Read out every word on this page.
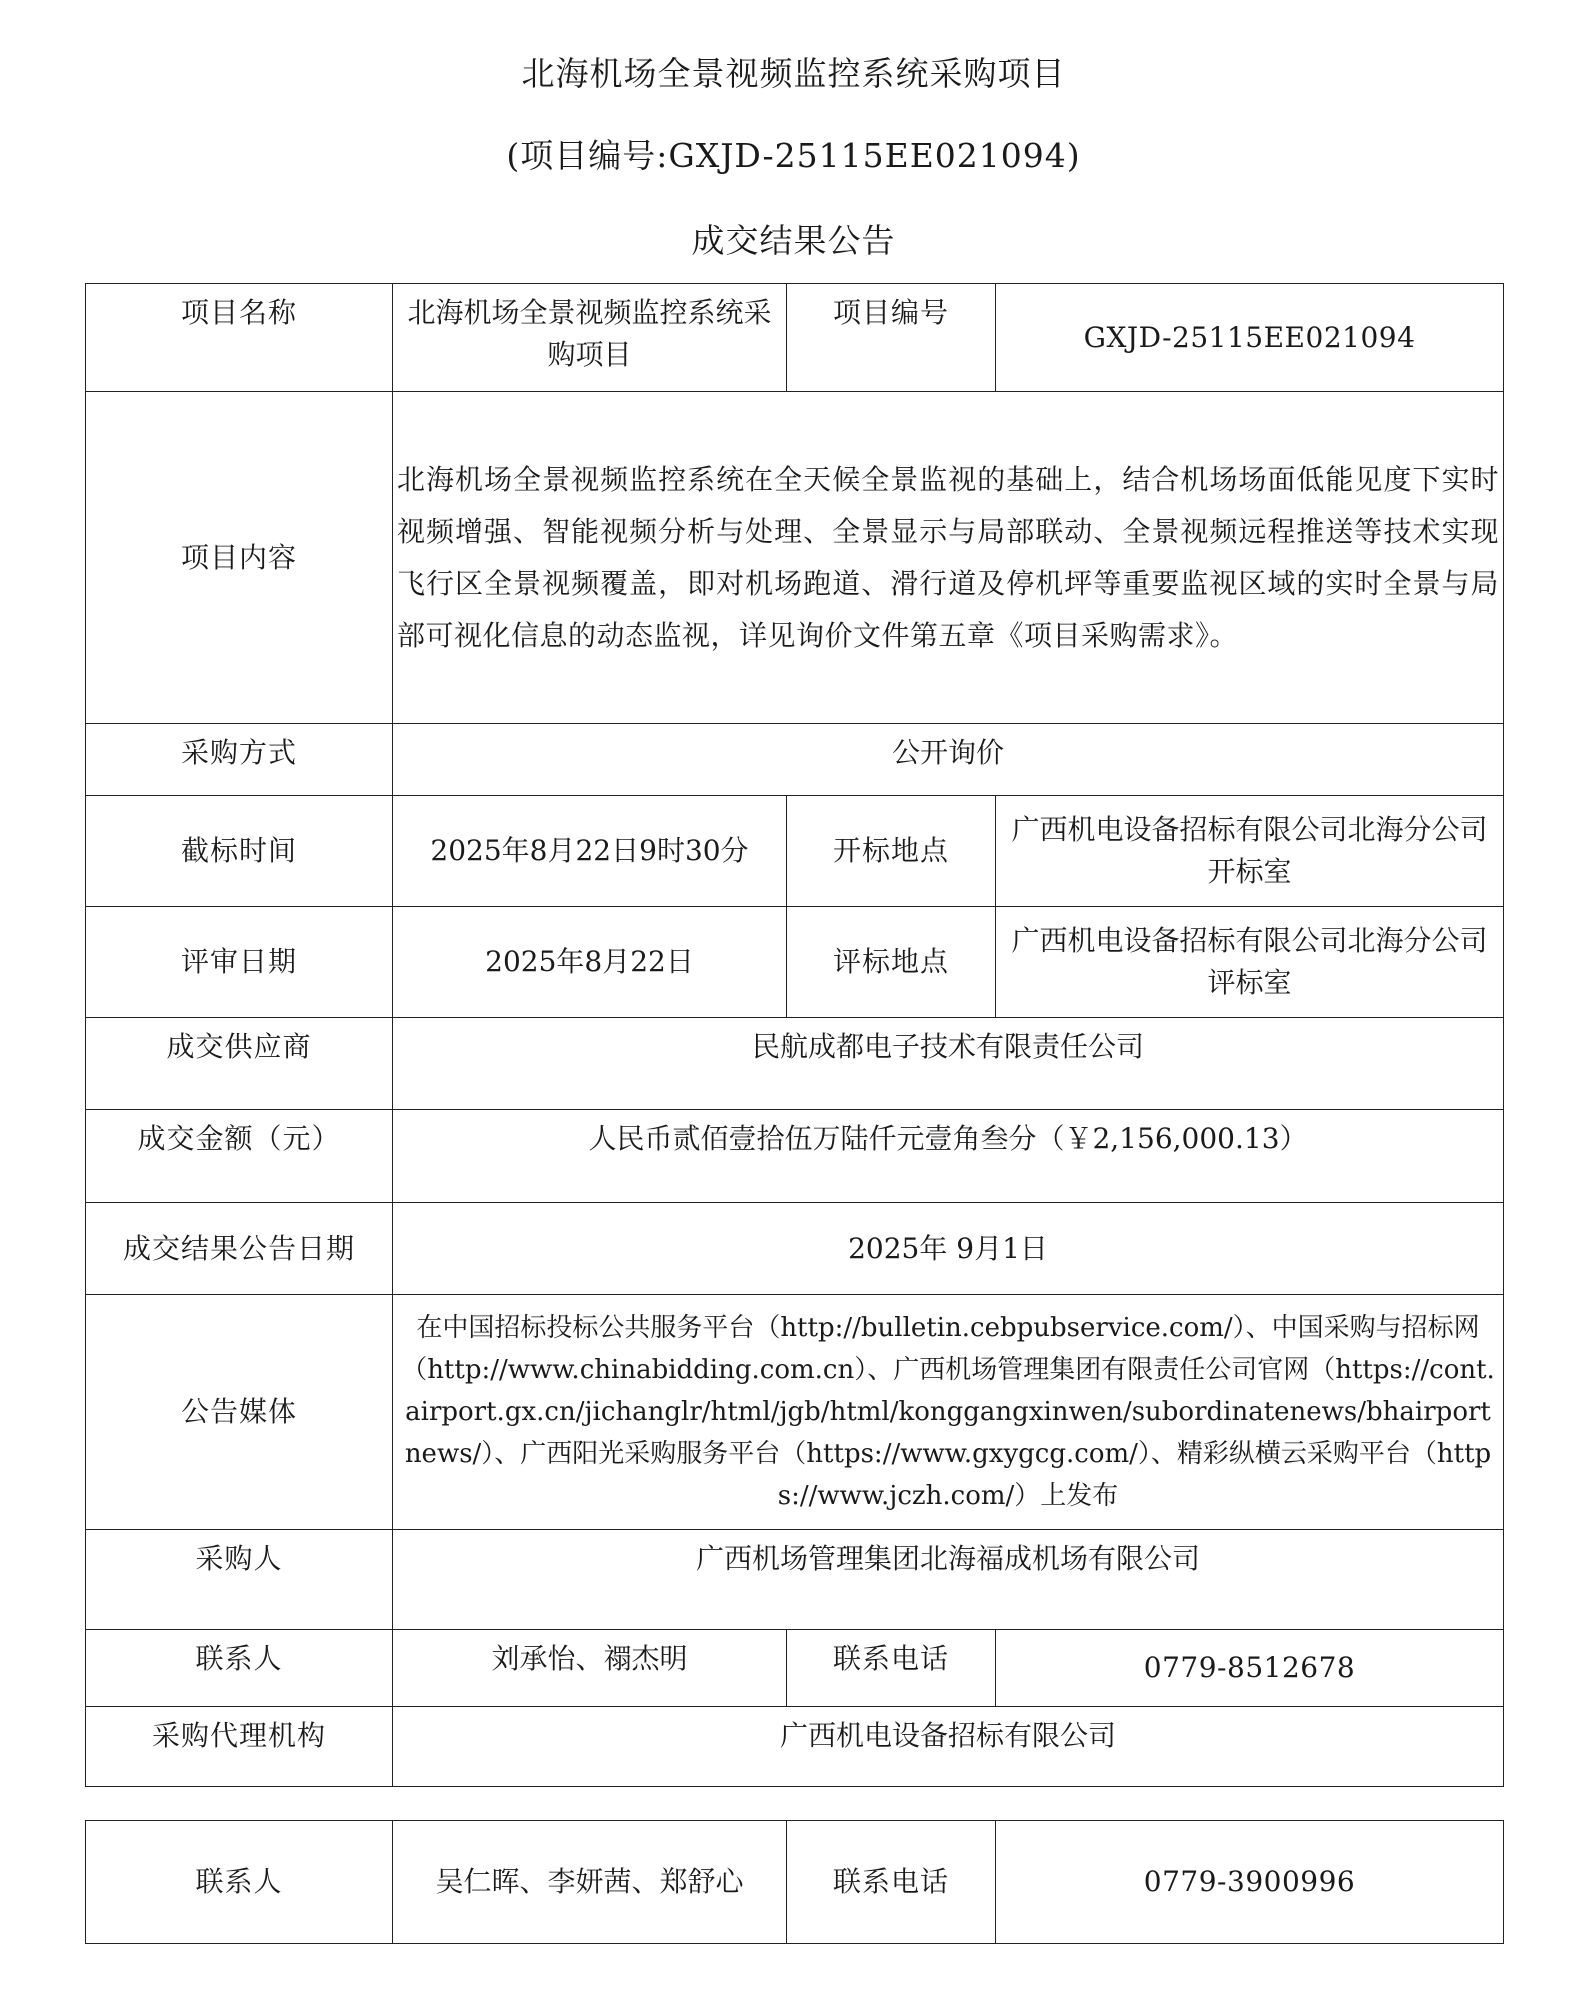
北海机场全景视频监控系统采购项目
(项目编号:GXJD-25115EE021094)
成交结果公告
项目名称	北海机场全景视频监控系统采购项目	项目编号	GXJD-25115EE021094
项目内容	北海机场全景视频监控系统在全天候全景监视的基础上，结合机场场面低能见度下实时视频增强、智能视频分析与处理、全景显示与局部联动、全景视频远程推送等技术实现飞行区全景视频覆盖，即对机场跑道、滑行道及停机坪等重要监视区域的实时全景与局部可视化信息的动态监视，详见询价文件第五章《项目采购需求》。		
采购方式	公开询价		
截标时间	2025年8月22日9时30分	开标地点	广西机电设备招标有限公司北海分公司开标室
评审日期	2025年8月22日	评标地点	广西机电设备招标有限公司北海分公司评标室
成交供应商	民航成都电子技术有限责任公司		
成交金额（元）	人民币贰佰壹拾伍万陆仟元壹角叁分（￥2,156,000.13）		
成交结果公告日期	2025年 9月1日		
公告媒体	在中国招标投标公共服务平台（http://bulletin.cebpubservice.com/）、中国采购与招标网（http://www.chinabidding.com.cn）、广西机场管理集团有限责任公司官网（https://cont.airport.gx.cn/jichanglr/html/jgb/html/konggangxinwen/subordinatenews/bhairportnews/）、广西阳光采购服务平台（https://www.gxygcg.com/）、精彩纵横云采购平台（https://www.jczh.com/）上发布		
采购人	广西机场管理集团北海福成机场有限公司		
联系人	刘承怡、禤杰明	联系电话	0779-8512678
采购代理机构	广西机电设备招标有限公司		
联系人	吴仁晖、李妍茜、郑舒心	联系电话	0779-3900996
